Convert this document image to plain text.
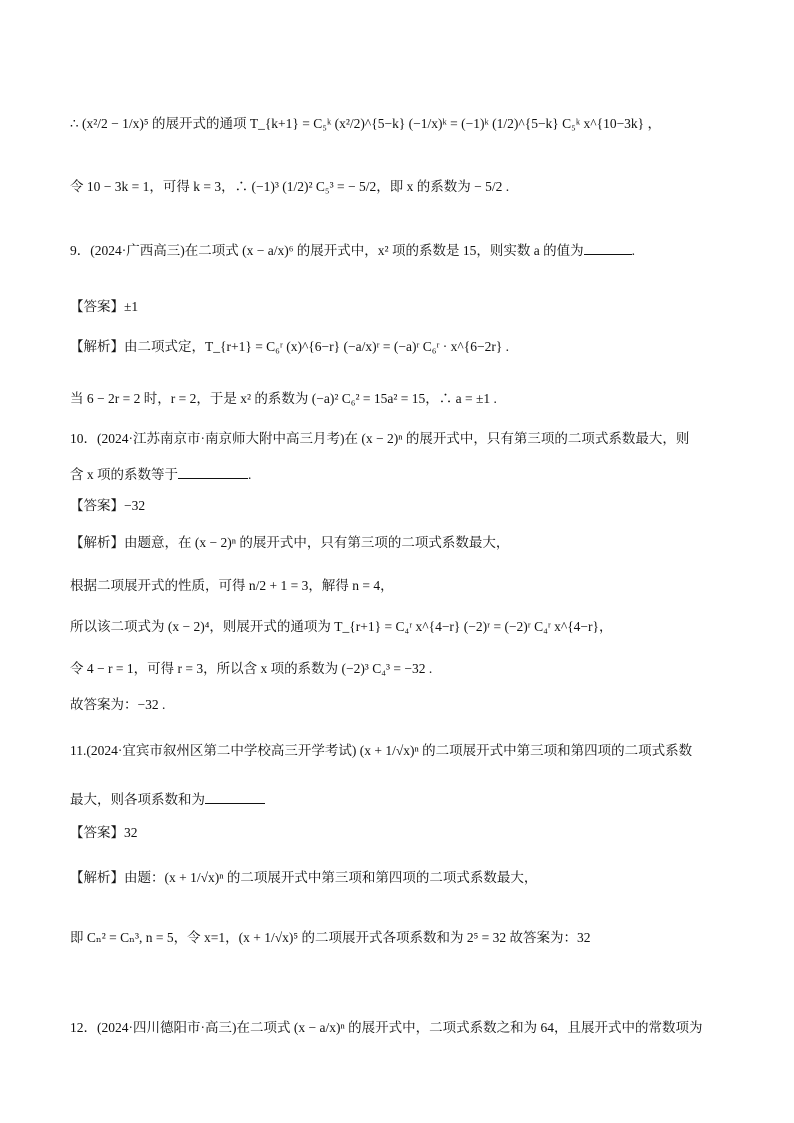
∴ (x²/2 − 1/x)⁵ 的展开式的通项 T_{k+1} = C₅ᵏ (x²/2)^{5−k} (−1/x)ᵏ = (−1)ᵏ (1/2)^{5−k} C₅ᵏ x^{10−3k} ，
令 10 − 3k = 1，可得 k = 3，∴ (−1)³ (1/2)² C₅³ = − 5/2，即 x 的系数为 − 5/2 .
9．(2024·广西高三)在二项式 (x − a/x)⁶ 的展开式中，x² 项的系数是 15，则实数 a 的值为	.
【答案】±1
【解析】由二项式定，T_{r+1} = C₆ʳ (x)^{6−r} (−a/x)ʳ = (−a)ʳ C₆ʳ · x^{6−2r} .
当 6 − 2r = 2 时，r = 2，于是 x² 的系数为 (−a)² C₆² = 15a² = 15，∴ a = ±1 .
10．(2024·江苏南京市·南京师大附中高三月考)在 (x − 2)ⁿ 的展开式中，只有第三项的二项式系数最大，则
含 x 项的系数等于	.
【答案】−32
【解析】由题意，在 (x − 2)ⁿ 的展开式中，只有第三项的二项式系数最大，
根据二项展开式的性质，可得 n/2 + 1 = 3，解得 n = 4，
所以该二项式为 (x − 2)⁴，则展开式的通项为 T_{r+1} = C₄ʳ x^{4−r} (−2)ʳ = (−2)ʳ C₄ʳ x^{4−r}，
令 4 − r = 1，可得 r = 3，所以含 x 项的系数为 (−2)³ C₄³ = −32 .
故答案为：−32 .
11.(2024·宜宾市叙州区第二中学校高三开学考试) (x + 1/√x)ⁿ 的二项展开式中第三项和第四项的二项式系数
最大，则各项系数和为
【答案】32
【解析】由题：(x + 1/√x)ⁿ 的二项展开式中第三项和第四项的二项式系数最大，
即 Cₙ² = Cₙ³, n = 5，令 x=1，(x + 1/√x)⁵ 的二项展开式各项系数和为 2⁵ = 32 故答案为：32
12．(2024·四川德阳市·高三)在二项式 (x − a/x)ⁿ 的展开式中，二项式系数之和为 64，且展开式中的常数项为
